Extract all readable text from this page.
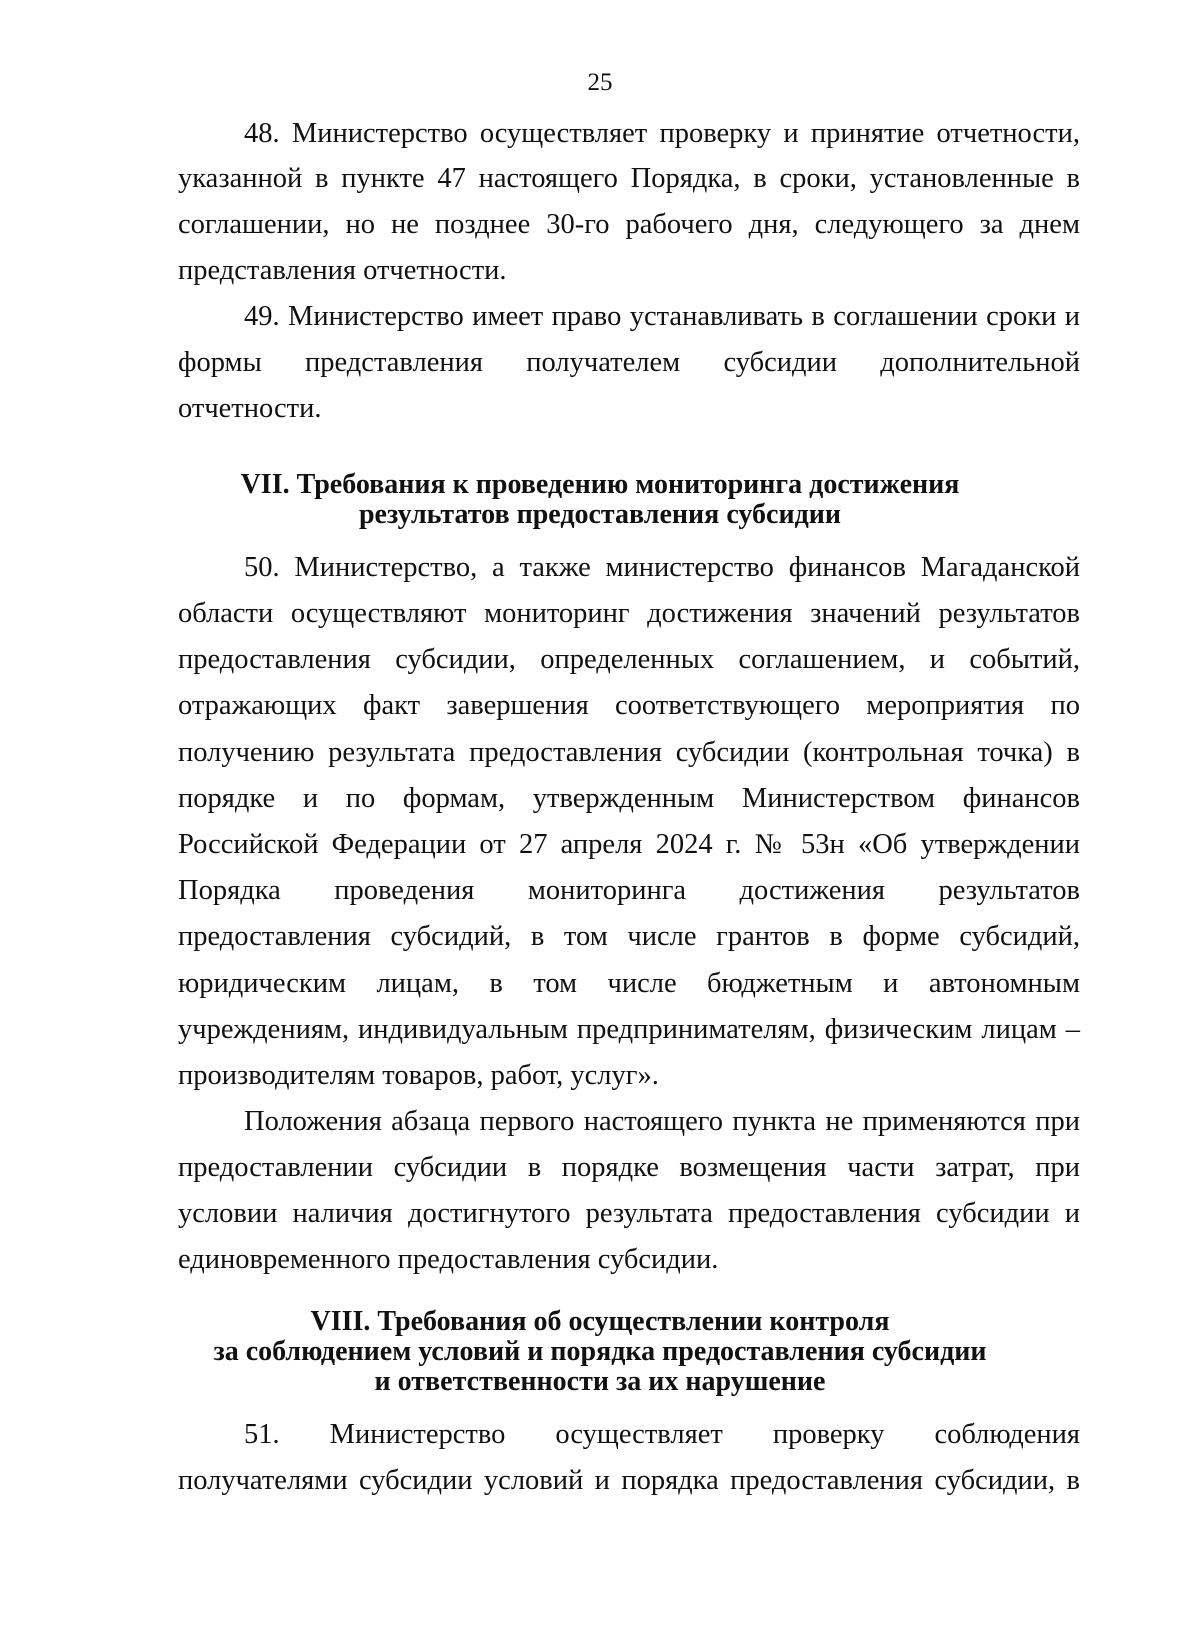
25
48. Министерство осуществляет проверку и принятие отчетности,
указанной в пункте 47 настоящего Порядка, в сроки, установленные в
соглашении, но не позднее 30-го рабочего дня, следующего за днем
представления отчетности.
49. Министерство имеет право устанавливать в соглашении сроки и
формы представления получателем субсидии дополнительной
отчетности.
VII. Требования к проведению мониторинга достижения
результатов предоставления субсидии
50. Министерство, а также министерство финансов Магаданской
области осуществляют мониторинг достижения значений результатов
предоставления субсидии, определенных соглашением, и событий,
отражающих факт завершения соответствующего мероприятия по
получению результата предоставления субсидии (контрольная точка) в
порядке и по формам, утвержденным Министерством финансов
Российской Федерации от 27 апреля 2024 г. № 53н «Об утверждении
Порядка проведения мониторинга достижения результатов
предоставления субсидий, в том числе грантов в форме субсидий,
юридическим лицам, в том числе бюджетным и автономным
учреждениям, индивидуальным предпринимателям, физическим лицам –
производителям товаров, работ, услуг».
Положения абзаца первого настоящего пункта не применяются при
предоставлении субсидии в порядке возмещения части затрат, при
условии наличия достигнутого результата предоставления субсидии и
единовременного предоставления субсидии.
VIII. Требования об осуществлении контроля
за соблюдением условий и порядка предоставления субсидии
и ответственности за их нарушение
51. Министерство осуществляет проверку соблюдения
получателями субсидии условий и порядка предоставления субсидии, в
